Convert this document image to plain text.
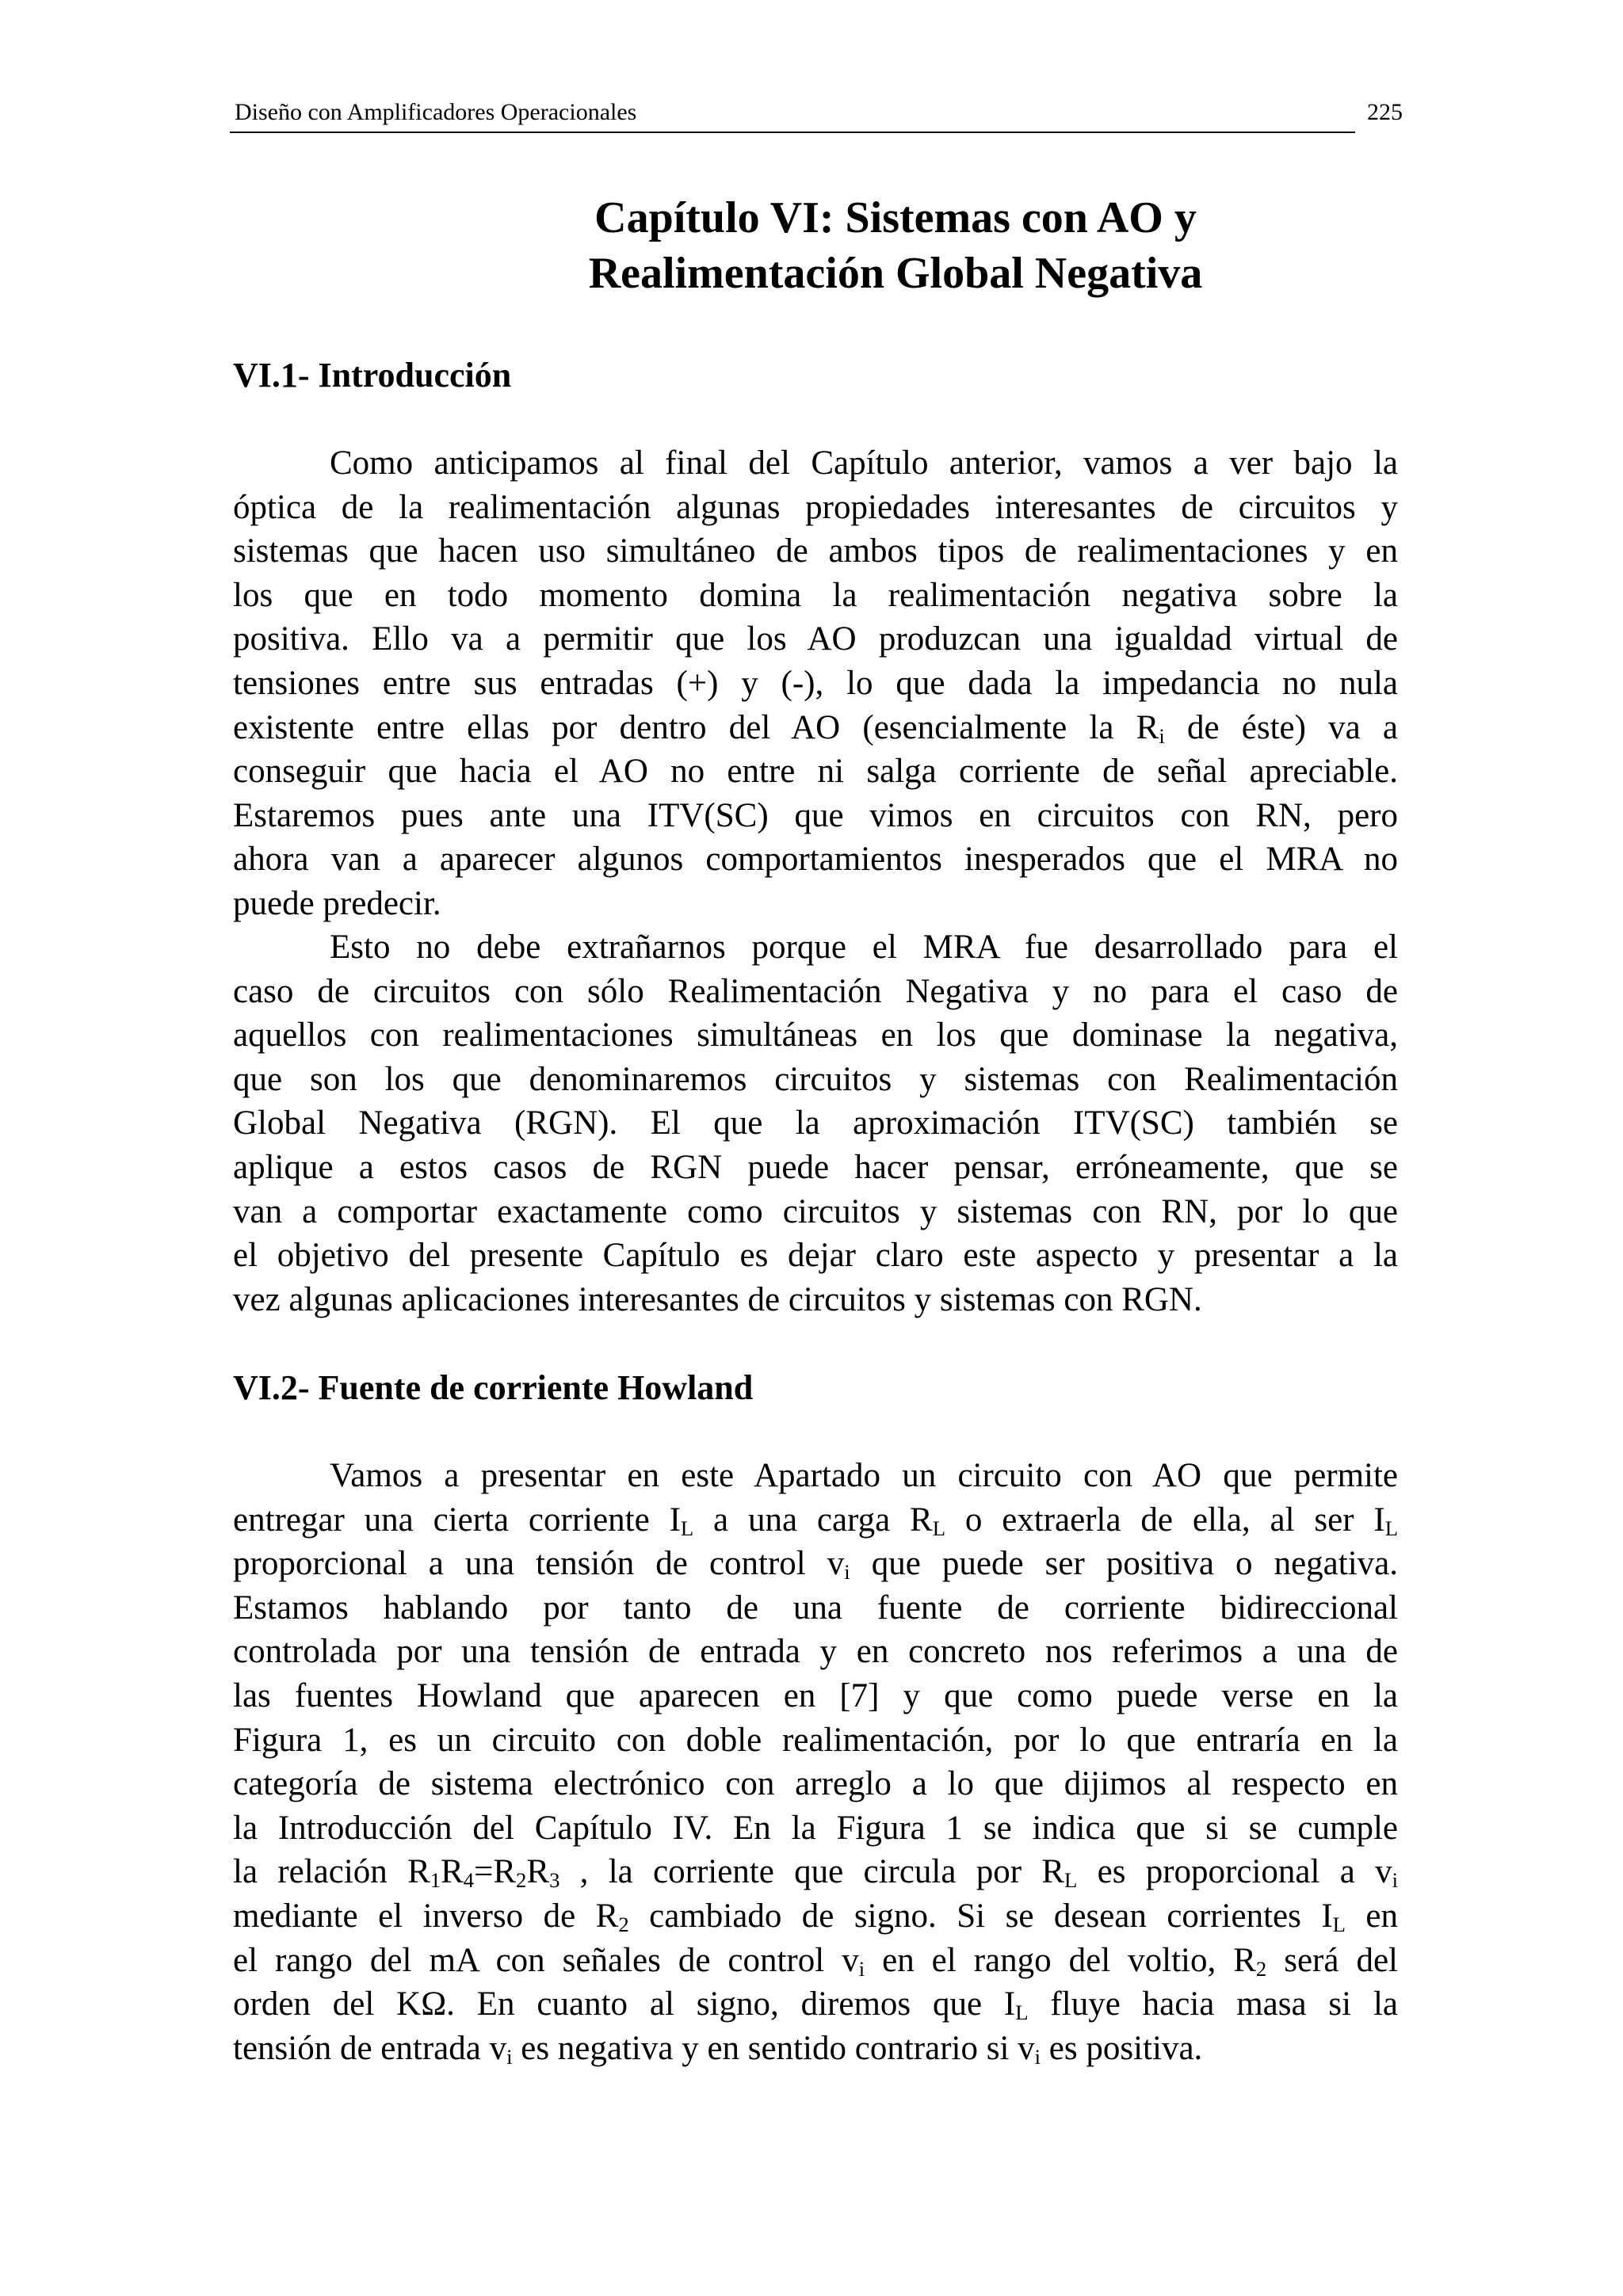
Diseño con Amplificadores Operacionales	225
Capítulo VI: Sistemas con AO y
Realimentación Global Negativa
VI.1- Introducción
Como anticipamos al final del Capítulo anterior, vamos a ver bajo la
óptica de la realimentación algunas propiedades interesantes de circuitos y
sistemas que hacen uso simultáneo de ambos tipos de realimentaciones y en
los que en todo momento domina la realimentación negativa sobre la
positiva. Ello va a permitir que los AO produzcan una igualdad virtual de
tensiones entre sus entradas (+) y (-), lo que dada la impedancia no nula
existente entre ellas por dentro del AO (esencialmente la $R_i$ de éste) va a
conseguir que hacia el AO no entre ni salga corriente de señal apreciable.
Estaremos pues ante una ITV(SC) que vimos en circuitos con RN, pero
ahora van a aparecer algunos comportamientos inesperados que el MRA no
puede predecir.
Esto no debe extrañarnos porque el MRA fue desarrollado para el
caso de circuitos con sólo Realimentación Negativa y no para el caso de
aquellos con realimentaciones simultáneas en los que dominase la negativa,
que son los que denominaremos circuitos y sistemas con Realimentación
Global Negativa (RGN). El que la aproximación ITV(SC) también se
aplique a estos casos de RGN puede hacer pensar, erróneamente, que se
van a comportar exactamente como circuitos y sistemas con RN, por lo que
el objetivo del presente Capítulo es dejar claro este aspecto y presentar a la
vez algunas aplicaciones interesantes de circuitos y sistemas con RGN.
VI.2- Fuente de corriente Howland
Vamos a presentar en este Apartado un circuito con AO que permite
entregar una cierta corriente $I_L$ a una carga $R_L$ o extraerla de ella, al ser $I_L$
proporcional a una tensión de control $v_i$ que puede ser positiva o negativa.
Estamos hablando por tanto de una fuente de corriente bidireccional
controlada por una tensión de entrada y en concreto nos referimos a una de
las fuentes Howland que aparecen en [7] y que como puede verse en la
Figura 1, es un circuito con doble realimentación, por lo que entraría en la
categoría de sistema electrónico con arreglo a lo que dijimos al respecto en
la Introducción del Capítulo IV. En la Figura 1 se indica que si se cumple
la relación $R_1R_4=R_2R_3$ , la corriente que circula por $R_L$ es proporcional a $v_i$
mediante el inverso de $R_2$ cambiado de signo. Si se desean corrientes $I_L$ en
el rango del mA con señales de control $v_i$ en el rango del voltio, $R_2$ será del
orden del KΩ. En cuanto al signo, diremos que $I_L$ fluye hacia masa si la
tensión de entrada $v_i$ es negativa y en sentido contrario si $v_i$ es positiva.
